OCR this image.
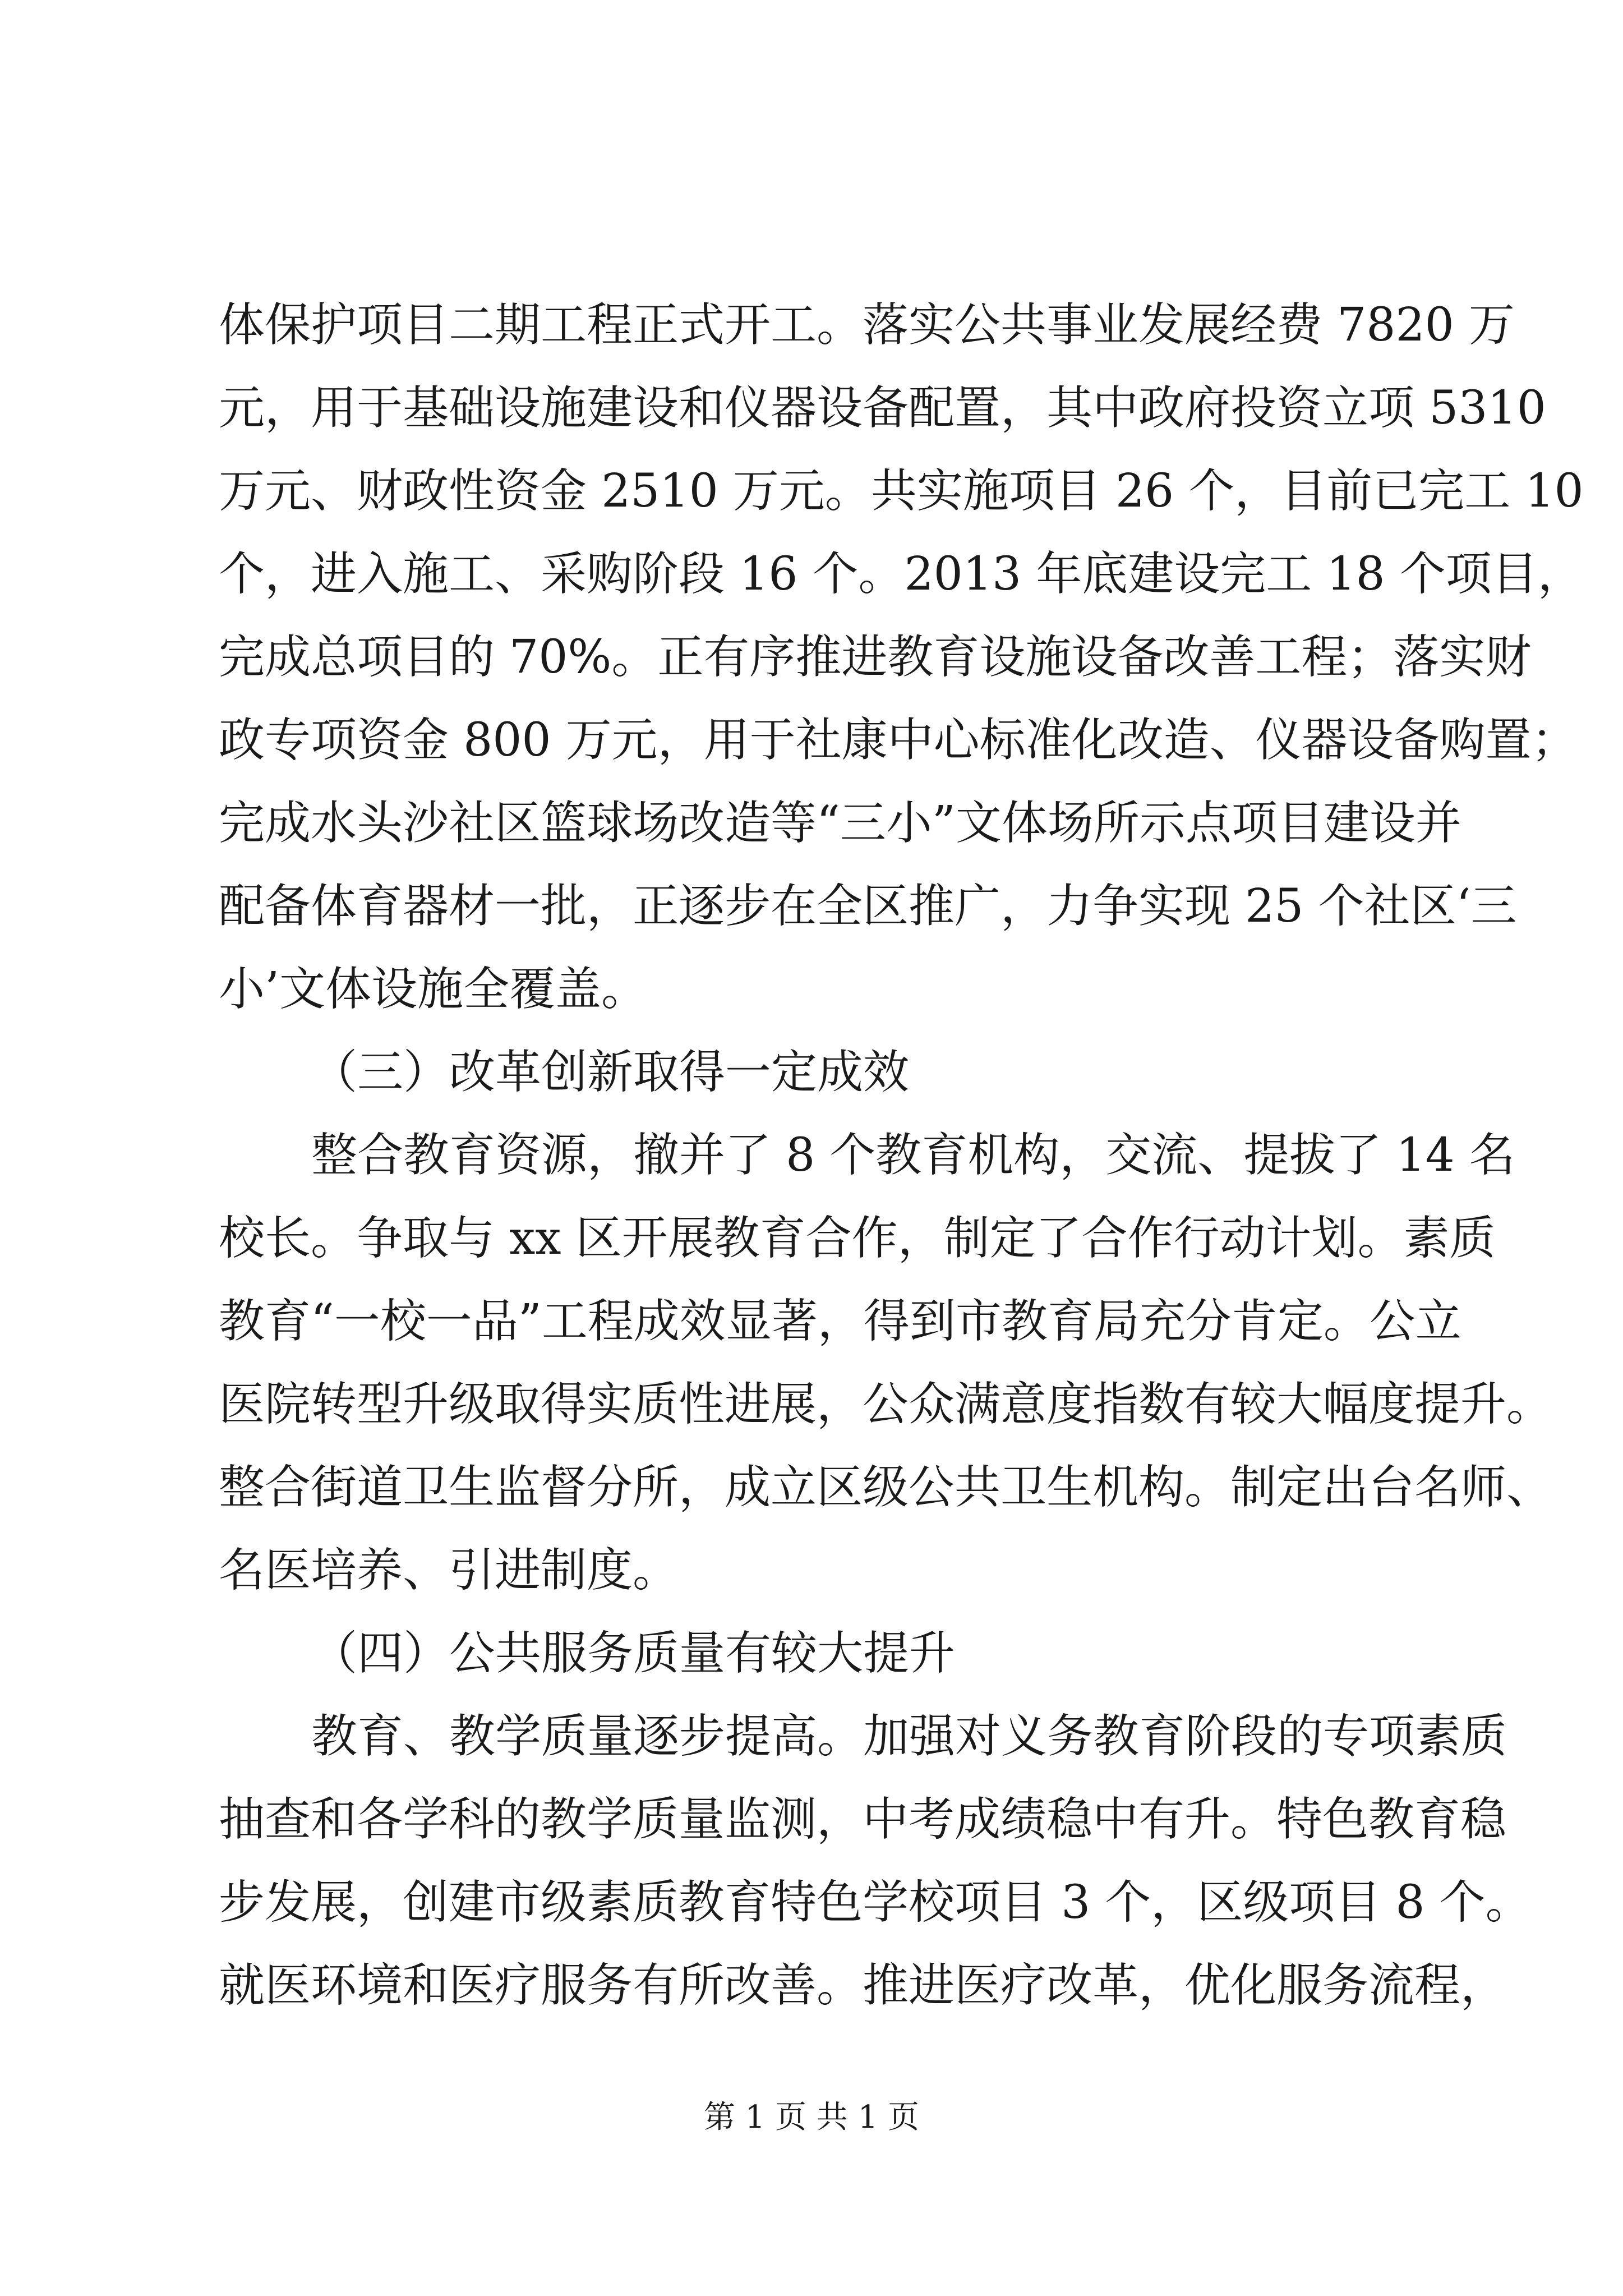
体保护项目二期工程正式开工。落实公共事业发展经费 7820 万
元，用于基础设施建设和仪器设备配置，其中政府投资立项 5310
万元、财政性资金 2510 万元。共实施项目 26 个，目前已完工 10
个，进入施工、采购阶段 16 个。2013 年底建设完工 18 个项目，
完成总项目的 70%。正有序推进教育设施设备改善工程；落实财
政专项资金 800 万元，用于社康中心标准化改造、仪器设备购置；
完成水头沙社区篮球场改造等“三小”文体场所示点项目建设并
配备体育器材一批，正逐步在全区推广，力争实现 25 个社区‘三
小’文体设施全覆盖。
（三）改革创新取得一定成效
整合教育资源，撤并了 8 个教育机构，交流、提拔了 14 名
校长。争取与 xx 区开展教育合作，制定了合作行动计划。素质
教育“一校一品”工程成效显著，得到市教育局充分肯定。公立
医院转型升级取得实质性进展，公众满意度指数有较大幅度提升。
整合街道卫生监督分所，成立区级公共卫生机构。制定出台名师、
名医培养、引进制度。
（四）公共服务质量有较大提升
教育、教学质量逐步提高。加强对义务教育阶段的专项素质
抽查和各学科的教学质量监测，中考成绩稳中有升。特色教育稳
步发展，创建市级素质教育特色学校项目 3 个，区级项目 8 个。
就医环境和医疗服务有所改善。推进医疗改革，优化服务流程，
第 1 页 共 1 页
